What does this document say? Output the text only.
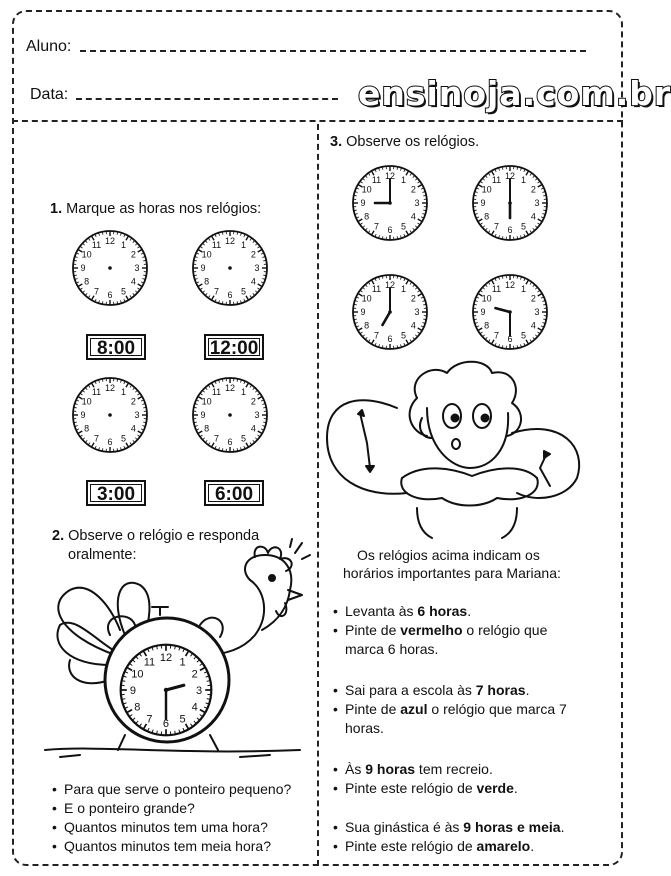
Aluno:
Data:	ensinoja.com.br
1. Marque as horas nos relógios:
12 1
2
3
4
5
6
7
8
9
10
11	12 1
2
3
4
5
6
7
8
9
10
11
12 1
2
3
4
5
6
7
8
9
10
11	12 1
2
3
4
5
6
7
8
9
10
11
8:00	12:00
3:00	6:00
2. Observe o relógio e responda
oralmente:
12 1
2
3
4
5
6
7
8
9
10
11
• Para que serve o ponteiro pequeno?
• E o ponteiro grande?
• Quantos minutos tem uma hora?
• Quantos minutos tem meia hora?
3. Observe os relógios.
12 1
2
3
4
5
6
7
8
9
10
11	12 1
2
3
4
5
6
7
8
9
10
11
12 1
2
3
4
5
6
7
8
9
10
11	12 1
2
3
4
5
6
7
8
9
10
11
Os relógios acima indicam os
horários importantes para Mariana:
• Levanta às 6 horas.
• Pinte de vermelho o relógio que
marca 6 horas.
• Sai para a escola às 7 horas.
• Pinte de azul o relógio que marca 7
horas.
• Às 9 horas tem recreio.
• Pinte este relógio de verde.
• Sua ginástica é às 9 horas e meia.
• Pinte este relógio de amarelo.
